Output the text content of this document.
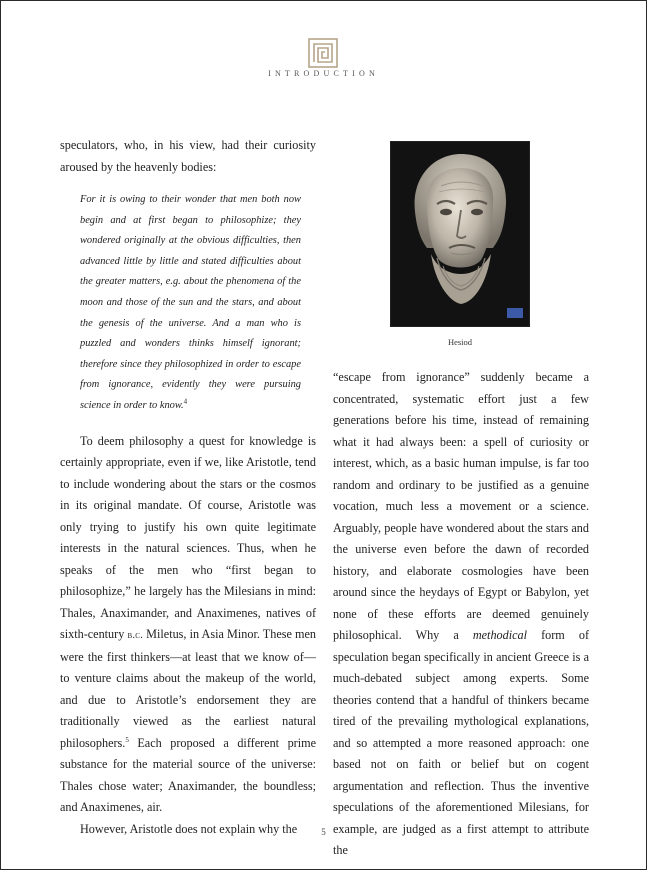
INTRODUCTION

speculators, who, in his view, had their curiosity aroused by the heavenly bodies:

For it is owing to their wonder that men both now begin and at first began to philosophize; they wondered originally at the obvious difficulties, then advanced little by little and stated difficulties about the greater matters, e.g. about the phenomena of the moon and those of the sun and the stars, and about the genesis of the universe. And a man who is puzzled and wonders thinks himself ignorant; therefore since they philosophized in order to escape from ignorance, evidently they were pursuing science in order to know.$^4$

To deem philosophy a quest for knowledge is certainly appropriate, even if we, like Aristotle, tend to include wondering about the stars or the cosmos in its original mandate. Of course, Aristotle was only trying to justify his own quite legitimate interests in the natural sciences. Thus, when he speaks of the men who “first began to philosophize,” he largely has the Milesians in mind: Thales, Anaximander, and Anaximenes, natives of sixth-century b.c. Miletus, in Asia Minor. These men were the first thinkers—at least that we know of—to venture claims about the makeup of the world, and due to Aristotle’s endorsement they are traditionally viewed as the earliest natural philosophers.$^5$ Each proposed a different prime substance for the material source of the universe: Thales chose water; Anaximander, the boundless; and Anaximenes, air.

However, Aristotle does not explain why the

Hesiod

“escape from ignorance” suddenly became a concentrated, systematic effort just a few generations before his time, instead of remaining what it had always been: a spell of curiosity or interest, which, as a basic human impulse, is far too random and ordinary to be justified as a genuine vocation, much less a movement or a science. Arguably, people have wondered about the stars and the universe even before the dawn of recorded history, and elaborate cosmologies have been around since the heydays of Egypt or Babylon, yet none of these efforts are deemed genuinely philosophical. Why a methodical form of speculation began specifically in ancient Greece is a much-debated subject among experts. Some theories contend that a handful of thinkers became tired of the prevailing mythological explanations, and so attempted a more reasoned approach: one based not on faith or belief but on cogent argumentation and reflection. Thus the inventive speculations of the aforementioned Milesians, for example, are judged as a first attempt to attribute the

5
